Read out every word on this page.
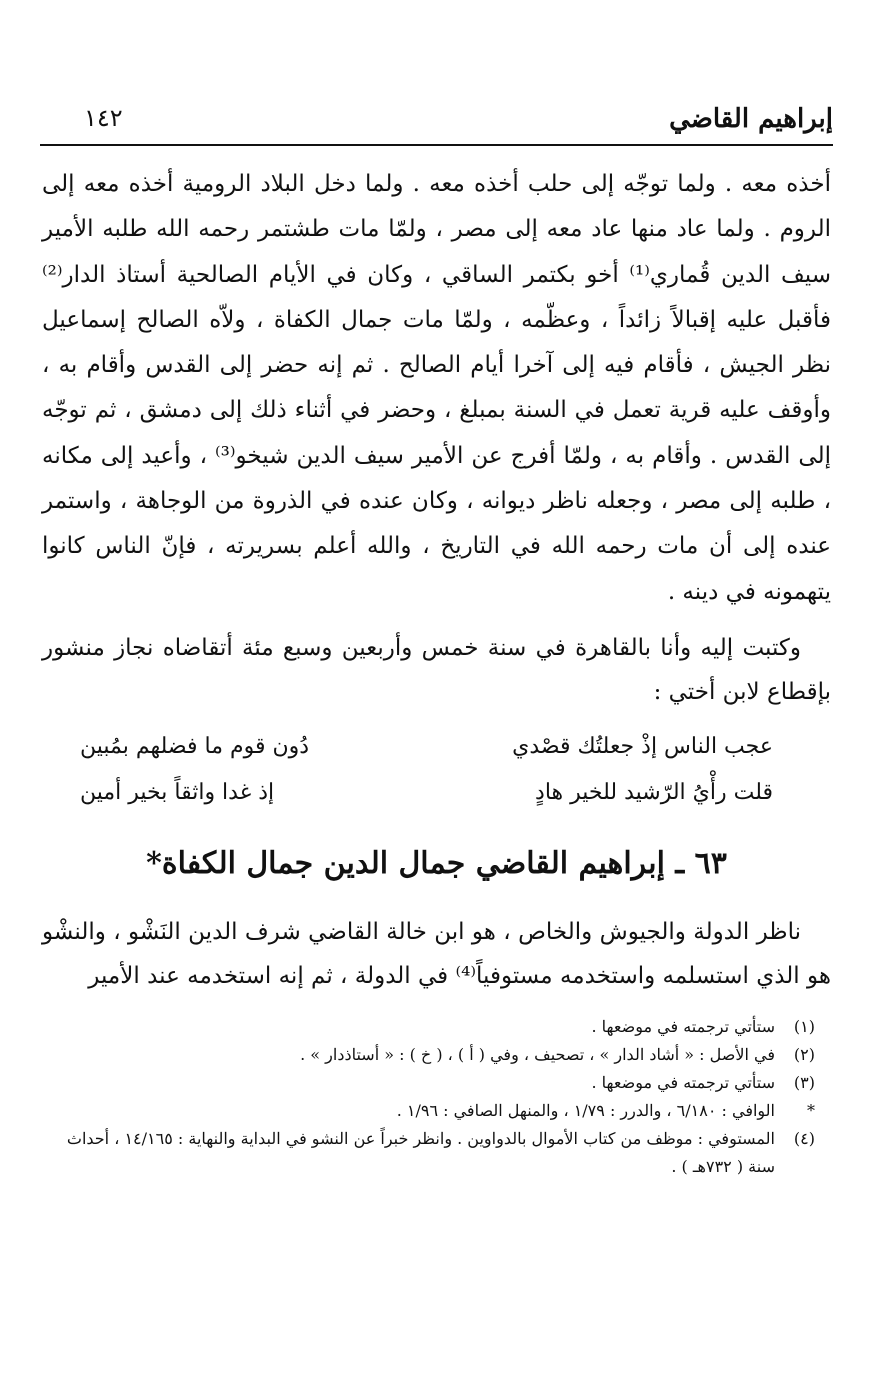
إبراهيم القاضي
١٤٢

أخذه معه . ولما توجّه إلى حلب أخذه معه . ولما دخل البلاد الرومية أخذه معه إلى الروم . ولما عاد منها عاد معه إلى مصر ، ولمّا مات طشتمر رحمه الله طلبه الأمير سيف الدين قُماري⁽¹⁾ أخو بكتمر الساقي ، وكان في الأيام الصالحية أستاذ الدار⁽²⁾ فأقبل عليه إقبالاً زائداً ، وعظّمه ، ولمّا مات جمال الكفاة ، ولاّه الصالح إسماعيل نظر الجيش ، فأقام فيه إلى آخرا أيام الصالح . ثم إنه حضر إلى القدس وأقام به ، وأوقف عليه قرية تعمل في السنة بمبلغ ، وحضر في أثناء ذلك إلى دمشق ، ثم توجّه إلى القدس . وأقام به ، ولمّا أفرج عن الأمير سيف الدين شيخو⁽³⁾ ، وأعيد إلى مكانه ، طلبه إلى مصر ، وجعله ناظر ديوانه ، وكان عنده في الذروة من الوجاهة ، واستمر عنده إلى أن مات رحمه الله في التاريخ ، والله أعلم بسريرته ، فإنّ الناس كانوا يتهمونه في دينه .

وكتبت إليه وأنا بالقاهرة في سنة خمس وأربعين وسبع مئة أتقاضاه نجاز منشور بإقطاع لابن أختي :

عجب الناس إذْ جعلتُك قصْدي
دُون قوم ما فضلهم بمُبين
قلت رأْيُ الرّشيد للخير هادٍ
إذ غدا واثقاً بخير أمين
٦٣ ـ إبراهيم القاضي جمال الدين جمال الكفاة*

ناظر الدولة والجيوش والخاص ، هو ابن خالة القاضي شرف الدين النَشْو ، والنشْو هو الذي استسلمه واستخدمه مستوفياً⁽⁴⁾ في الدولة ، ثم إنه استخدمه عند الأمير

(١)
ستأتي ترجمته في موضعها .
(٢)
في الأصل : « أشاد الدار » ، تصحيف ، وفي ( أ ) ، ( خ ) : « أستاذدار » .
(٣)
ستأتي ترجمته في موضعها .
*
الوافي : ٦/١٨٠ ، والدرر : ١/٧٩ ، والمنهل الصافي : ١/٩٦ .
(٤)
المستوفي : موظف من كتاب الأموال بالدواوين . وانظر خبراً عن النشو في البداية والنهاية : ١٤/١٦٥ ، أحداث سنة ( ٧٣٢هـ ) .
